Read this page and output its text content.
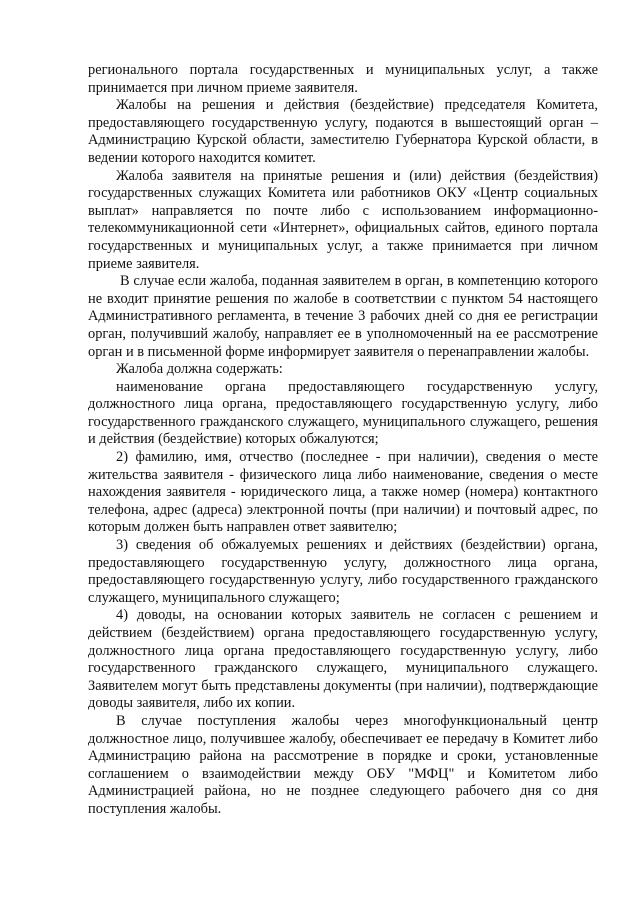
регионального портала государственных и муниципальных услуг, а также принимается при личном приеме заявителя.

Жалобы на решения и действия (бездействие) председателя Комитета, предоставляющего государственную услугу, подаются в вышестоящий орган – Администрацию Курской области, заместителю Губернатора Курской области, в ведении которого находится комитет.

Жалоба заявителя на принятые решения и (или) действия (бездействия) государственных служащих Комитета или работников ОКУ «Центр социальных выплат» направляется по почте либо с использованием информационно-телекоммуникационной сети «Интернет», официальных сайтов, единого портала государственных и муниципальных услуг, а также принимается при личном приеме заявителя.

В случае если жалоба, поданная заявителем в орган, в компетенцию которого не входит принятие решения по жалобе в соответствии с пунктом 54 настоящего Административного регламента, в течение 3 рабочих дней со дня ее регистрации орган, получивший жалобу, направляет ее в уполномоченный на ее рассмотрение орган и в письменной форме информирует заявителя о перенаправлении жалобы.

Жалоба должна содержать:

наименование органа предоставляющего государственную услугу, должностного лица органа, предоставляющего государственную услугу, либо государственного гражданского служащего, муниципального служащего, решения и действия (бездействие) которых обжалуются;

2) фамилию, имя, отчество (последнее - при наличии), сведения о месте жительства заявителя - физического лица либо наименование, сведения о месте нахождения заявителя - юридического лица, а также номер (номера) контактного телефона, адрес (адреса) электронной почты (при наличии) и почтовый адрес, по которым должен быть направлен ответ заявителю;

3) сведения об обжалуемых решениях и действиях (бездействии) органа, предоставляющего государственную услугу, должностного лица органа, предоставляющего государственную услугу, либо государственного гражданского служащего, муниципального служащего;

4) доводы, на основании которых заявитель не согласен с решением и действием (бездействием) органа предоставляющего государственную услугу, должностного лица органа предоставляющего государственную услугу, либо государственного гражданского служащего, муниципального служащего. Заявителем могут быть представлены документы (при наличии), подтверждающие доводы заявителя, либо их копии.

В случае поступления жалобы через многофункциональный центр должностное лицо, получившее жалобу, обеспечивает ее передачу в Комитет либо Администрацию района на рассмотрение в порядке и сроки, установленные соглашением о взаимодействии между ОБУ "МФЦ" и Комитетом либо Администрацией района, но не позднее следующего рабочего дня со дня поступления жалобы.
